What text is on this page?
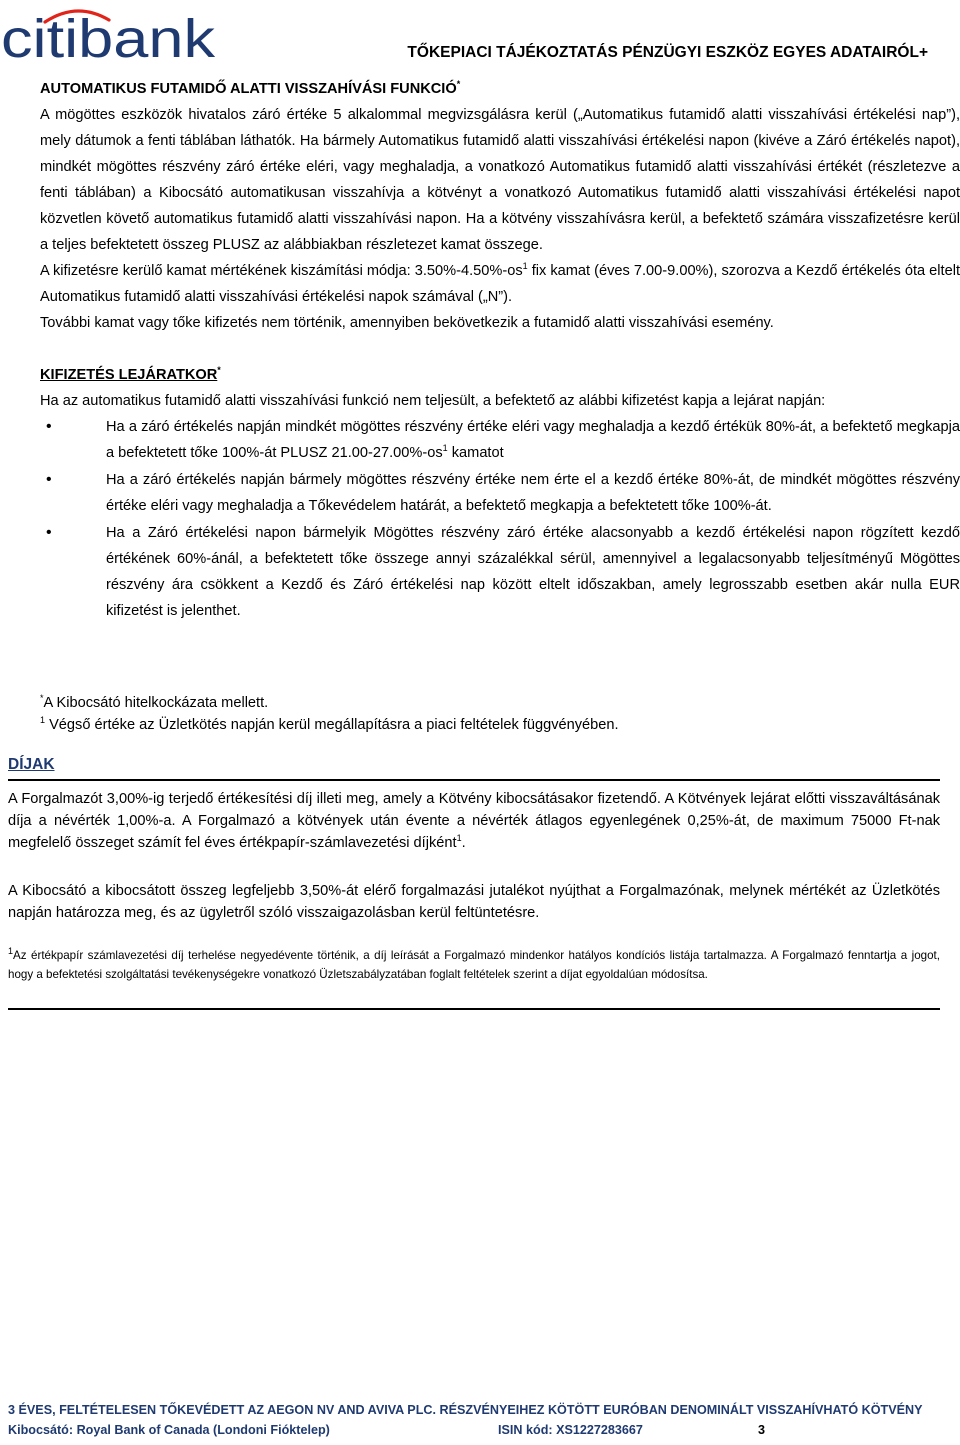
citibank	TŐKEPIACI TÁJÉKOZTATÁS PÉNZÜGYI ESZKÖZ EGYES ADATAIRÓL+

AUTOMATIKUS FUTAMIDŐ ALATTI VISSZAHÍVÁSI FUNKCIÓ*

A mögöttes eszközök hivatalos záró értéke 5 alkalommal megvizsgálásra kerül („Automatikus futamidő alatti visszahívási értékelési nap”), mely dátumok a fenti táblában láthatók. Ha bármely Automatikus futamidő alatti visszahívási értékelési napon (kivéve a Záró értékelés napot), mindkét mögöttes részvény záró értéke eléri, vagy meghaladja, a vonatkozó Automatikus futamidő alatti visszahívási értékét (részletezve a fenti táblában) a Kibocsátó automatikusan visszahívja a kötvényt a vonatkozó Automatikus futamidő alatti visszahívási értékelési napot közvetlen követő automatikus futamidő alatti visszahívási napon. Ha a kötvény visszahívásra kerül, a befektető számára visszafizetésre kerül a teljes befektetett összeg PLUSZ az alábbiakban részletezet kamat összege.

A kifizetésre kerülő kamat mértékének kiszámítási módja: $3.50\%-4.50\%-os^1$ fix kamat (éves 7.00-9.00%), szorozva a Kezdő értékelés óta eltelt Automatikus futamidő alatti visszahívási értékelési napok számával („N”).

További kamat vagy tőke kifizetés nem történik, amennyiben bekövetkezik a futamidő alatti visszahívási esemény.

KIFIZETÉS LEJÁRATKOR*

Ha az automatikus futamidő alatti visszahívási funkció nem teljesült, a befektető az alábbi kifizetést kapja a lejárat napján:

• Ha a záró értékelés napján mindkét mögöttes részvény értéke eléri vagy meghaladja a kezdő értékük 80%-át, a befektető megkapja a befektetett tőke 100%-át PLUSZ $21.00-27.00\%-os^1$ kamatot
• Ha a záró értékelés napján bármely mögöttes részvény értéke nem érte el a kezdő értéke 80%-át, de mindkét mögöttes részvény értéke eléri vagy meghaladja a Tőkevédelem határát, a befektető megkapja a befektetett tőke 100%-át.
• Ha a Záró értékelési napon bármelyik Mögöttes részvény záró értéke alacsonyabb a kezdő értékelési napon rögzített kezdő értékének 60%-ánál, a befektetett tőke összege annyi százalékkal sérül, amennyivel a legalacsonyabb teljesítményű Mögöttes részvény ára csökkent a Kezdő és Záró értékelési nap között eltelt időszakban, amely legrosszabb esetben akár nulla EUR kifizetést is jelenthet.

*A Kibocsátó hitelkockázata mellett.

$^1$ Végső értéke az Üzletkötés napján kerül megállapításra a piaci feltételek függvényében.

DÍJAK

A Forgalmazót 3,00%-ig terjedő értékesítési díj illeti meg, amely a Kötvény kibocsátásakor fizetendő. A Kötvények lejárat előtti visszaváltásának díja a névérték 1,00%-a. A Forgalmazó a kötvények után évente a névérték átlagos egyenlegének 0,25%-át, de maximum 75000 Ft-nak megfelelő összeget számít fel éves értékpapír-számlavezetési díjként$^1$.

A Kibocsátó a kibocsátott összeg legfeljebb 3,50%-át elérő forgalmazási jutalékot nyújthat a Forgalmazónak, melynek mértékét az Üzletkötés napján határozza meg, és az ügyletről szóló visszaigazolásban kerül feltüntetésre.

$^1$Az értékpapír számlavezetési díj terhelése negyedévente történik, a díj leírását a Forgalmazó mindenkor hatályos kondíciós listája tartalmazza. A Forgalmazó fenntartja a jogot, hogy a befektetési szolgáltatási tevékenységekre vonatkozó Üzletszabályzatában foglalt feltételek szerint a díjat egyoldalúan módosítsa.

3 ÉVES, FELTÉTELESEN TŐKEVÉDETT AZ AEGON NV AND AVIVA PLC. RÉSZVÉNYEIHEZ KÖTÖTT EURÓBAN DENOMINÁLT VISSZAHÍVHATÓ KÖTVÉNY
Kibocsátó: Royal Bank of Canada (Londoni Fióktelep)	ISIN kód: XS1227283667	3
